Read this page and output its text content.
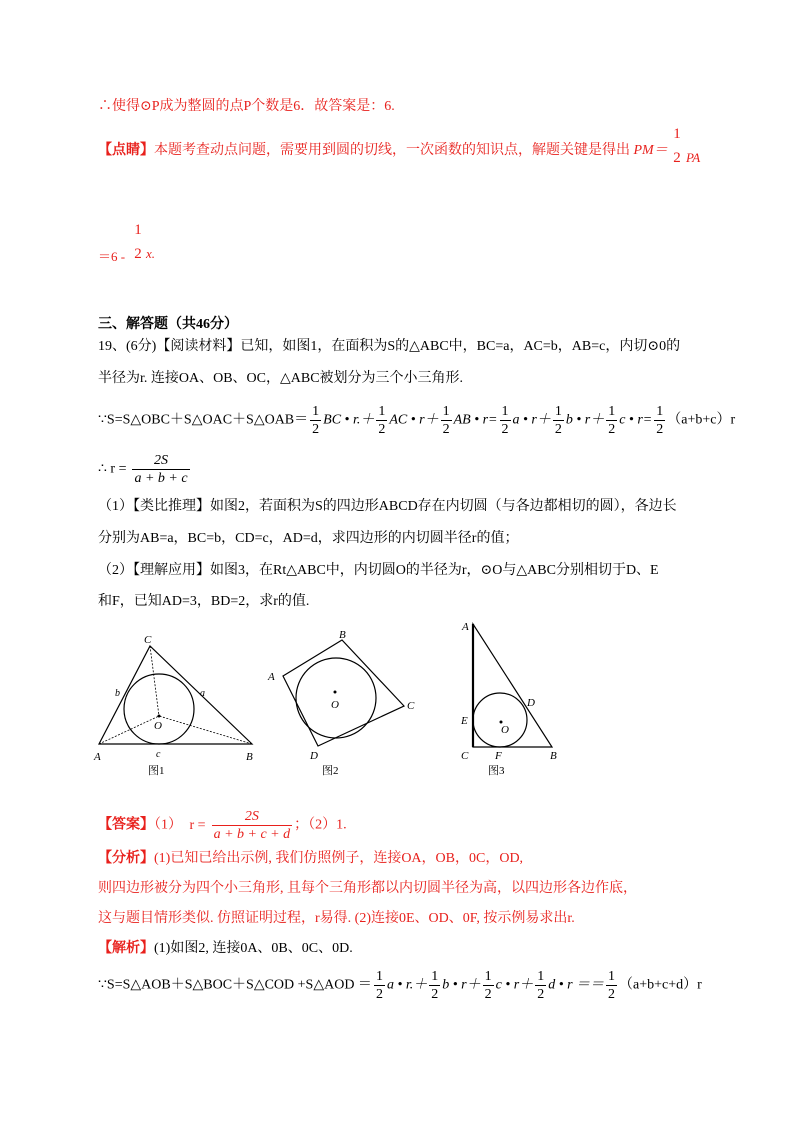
∴使得⊙P成为整圆的点P个数是6．故答案是：6.
【点睛】本题考查动点问题，需要用到圆的切线，一次函数的知识点，解题关键是得出 PM＝
1
2 PA
1
2
＝6 - x.
三、解答题（共46分）
19、(6分)【阅读材料】已知，如图1，在面积为S的△ABC中，BC=a，AC=b，AB=c，内切⊙0的
半径为r. 连接OA、OB、OC，△ABC被划分为三个小三角形.
∵S=S△OBC＋S△OAC＋S△OAB＝ $\frac{1}{2}$ BC • $r.+ \frac{1}{2}$ AC • $r+ \frac{1}{2}$ AB • $r= \frac{1}{2}$ a • $r+ \frac{1}{2}$ b • $r+ \frac{1}{2}$ c • $r= \frac{1}{2} (a+b+c)r$
∴ $r = \frac{2S}{a + b + c}$
（1）【类比推理】如图2，若面积为S的四边形ABCD存在内切圆（与各边都相切的圆），各边长
分别为AB=a，BC=b，CD=c，AD=d，求四边形的内切圆半径r的值；
（2）【理解应用】如图3，在Rt△ABC中，内切圆O的半径为r，⊙O与△ABC分别相切于D、E
和F，已知AD=3，BD=2，求r的值.
C
A	B
O
b	a
c
图1
A
B
C
D
O
图2
A
D
E
O
C F	B
图3
【答案】（1） $r = \frac{2S}{a + b + c + d}$ ；（2）1.
【分析】(1)已知已给出示例, 我们仿照例子，连接OA，OB，0C，OD,
则四边形被分为四个小三角形, 且每个三角形都以内切圆半径为高，以四边形各边作底，
这与题目情形类似. 仿照证明过程，r易得. (2)连接0E、OD、0F, 按示例易求出r.
【解析】(1)如图2, 连接0A、0B、0C、0D.
∵S=S△AOB＋S△BOC＋S△COD +S△AOD ＝ $\frac{1}{2}$ a • $r.+ \frac{1}{2}$ b • $r+ \frac{1}{2}$ c • $r+ \frac{1}{2}$ d • $r == \frac{1}{2} (a+b+c+d)r$
